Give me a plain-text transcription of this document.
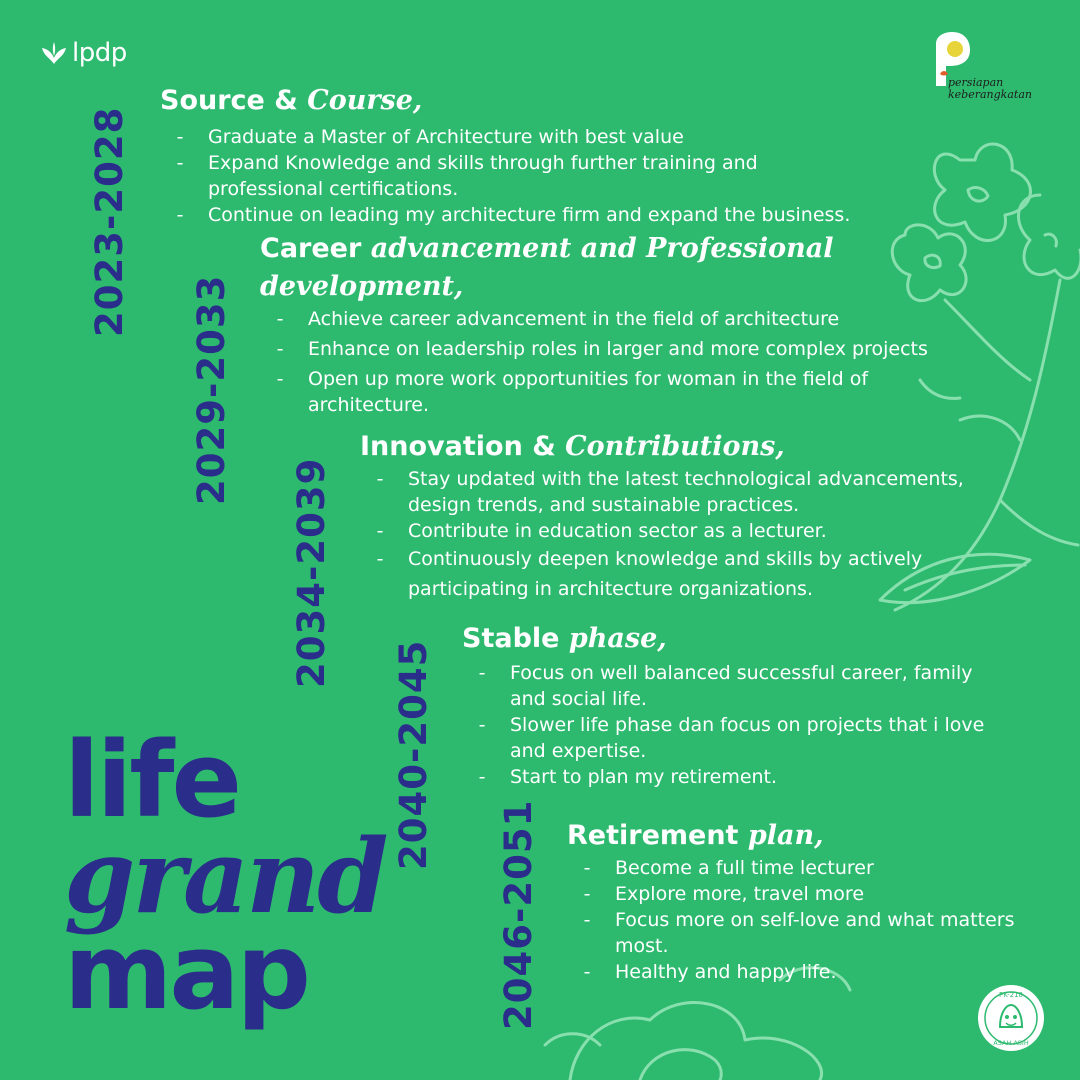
lpdp
persiapan
keberangkatan
2023-2028
2029-2033
2034-2039
2040-2045
2046-2051
Source & Course,
- Graduate a Master of Architecture with best value
- Expand Knowledge and skills through further training and professional certifications.
- Continue on leading my architecture firm and expand the business.
Career advancement and Professional
development,
- Achieve career advancement in the field of architecture
- Enhance on leadership roles in larger and more complex projects
- Open up more work opportunities for woman in the field of architecture.
Innovation & Contributions,
- Stay updated with the latest technological advancements, design trends, and sustainable practices.
- Contribute in education sector as a lecturer.
- Continuously deepen knowledge and skills by actively participating in architecture organizations.
Stable phase,
- Focus on well balanced successful career, family and social life.
- Slower life phase dan focus on projects that i love and expertise.
- Start to plan my retirement.
Retirement plan,
- Become a full time lecturer
- Explore more, travel more
- Focus more on self-love and what matters most.
- Healthy and happy life.
life
grand
map	PK-210
ASAH ASIH
